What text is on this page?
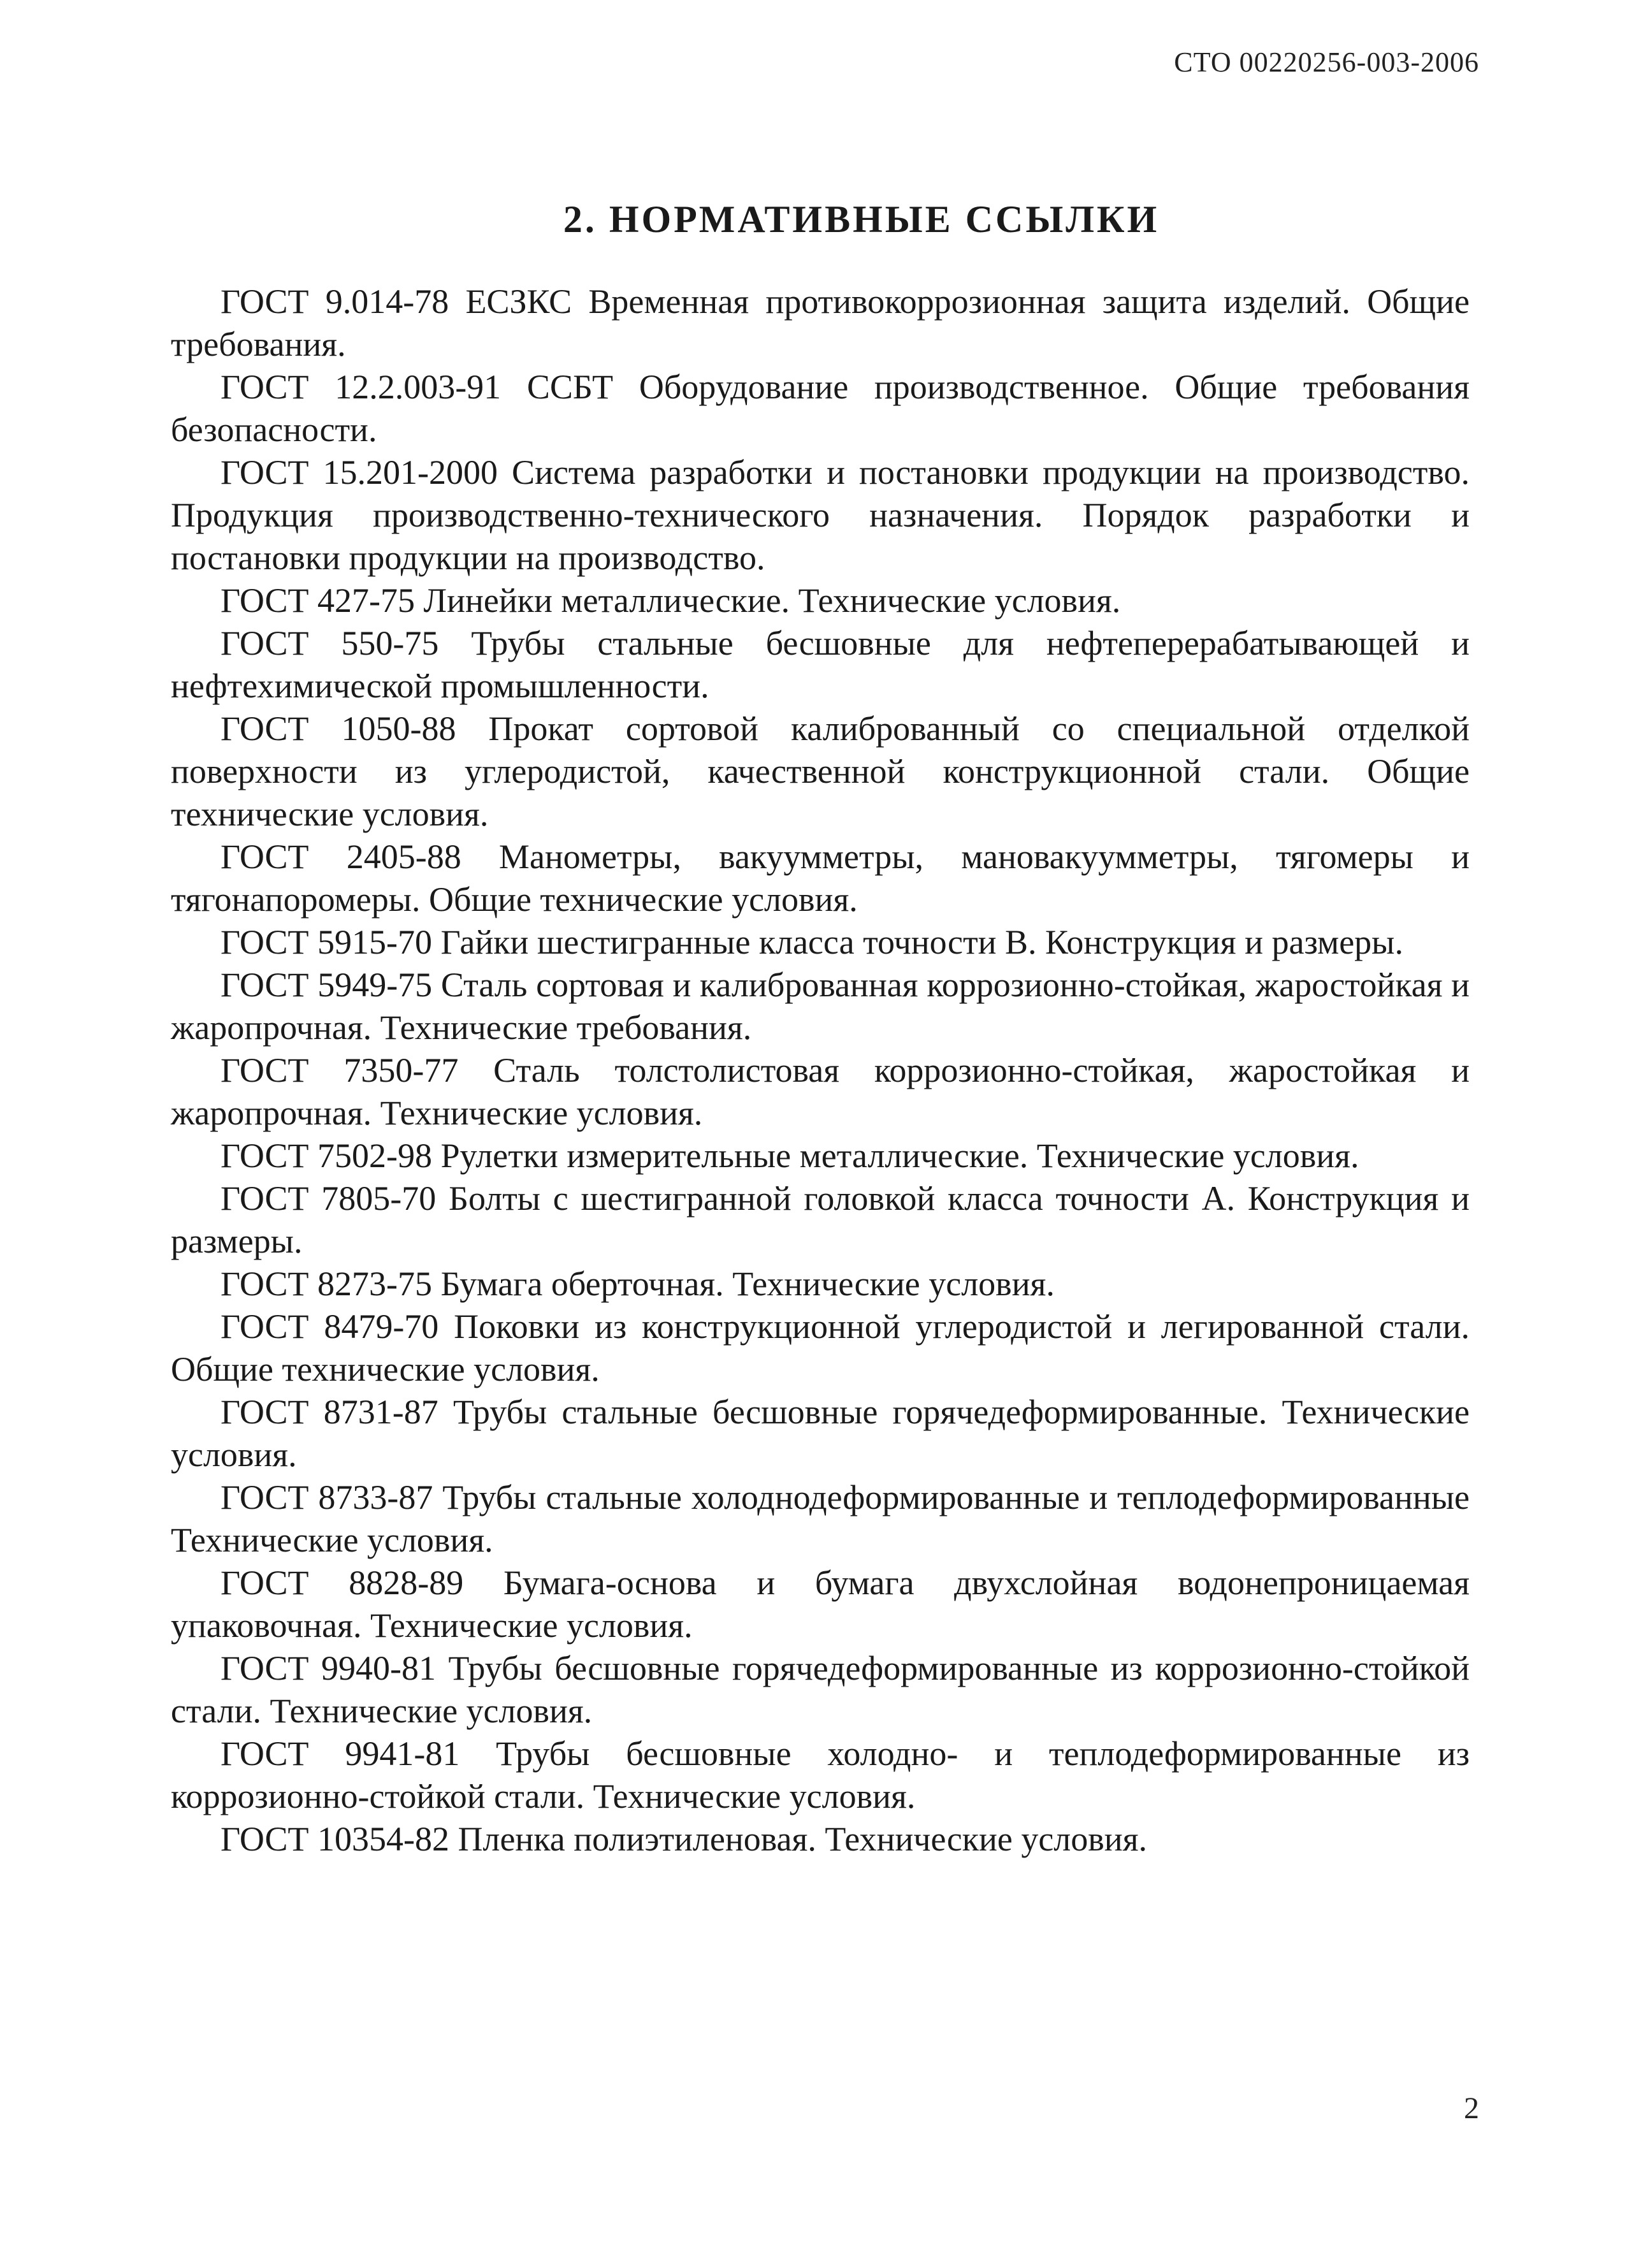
СТО 00220256-003-2006
2. НОРМАТИВНЫЕ ССЫЛКИ

ГОСТ 9.014-78 ЕСЗКС Временная противокоррозионная защита изделий. Общие требования.

ГОСТ 12.2.003-91 ССБТ Оборудование производственное. Общие требования безопасности.

ГОСТ 15.201-2000 Система разработки и постановки продукции на производство. Продукция производственно-технического назначения. Порядок разработки и постановки продукции на производство.

ГОСТ 427-75 Линейки металлические. Технические условия.

ГОСТ 550-75 Трубы стальные бесшовные для нефтеперерабатывающей и нефтехимической промышленности.

ГОСТ 1050-88 Прокат сортовой калиброванный со специальной отделкой поверхности из углеродистой, качественной конструкционной стали. Общие технические условия.

ГОСТ 2405-88 Манометры, вакуумметры, мановакуумметры, тягомеры и тягонапоромеры. Общие технические условия.

ГОСТ 5915-70 Гайки шестигранные класса точности В. Конструкция и размеры.

ГОСТ 5949-75 Сталь сортовая и калиброванная коррозионно-стойкая, жаростойкая и жаропрочная. Технические требования.

ГОСТ 7350-77 Сталь толстолистовая коррозионно-стойкая, жаростойкая и жаропрочная. Технические условия.

ГОСТ 7502-98 Рулетки измерительные металлические. Технические условия.

ГОСТ 7805-70 Болты с шестигранной головкой класса точности А. Конструкция и размеры.

ГОСТ 8273-75 Бумага оберточная. Технические условия.

ГОСТ 8479-70 Поковки из конструкционной углеродистой и легированной стали. Общие технические условия.

ГОСТ 8731-87 Трубы стальные бесшовные горячедеформированные. Технические условия.

ГОСТ 8733-87 Трубы стальные холоднодеформированные и теплодеформированные Технические условия.

ГОСТ 8828-89 Бумага-основа и бумага двухслойная водонепроницаемая упаковочная. Технические условия.

ГОСТ 9940-81 Трубы бесшовные горячедеформированные из коррозионно-стойкой стали. Технические условия.

ГОСТ 9941-81 Трубы бесшовные холодно- и теплодеформированные из коррозионно-стойкой стали. Технические условия.

ГОСТ 10354-82 Пленка полиэтиленовая. Технические условия.

2
